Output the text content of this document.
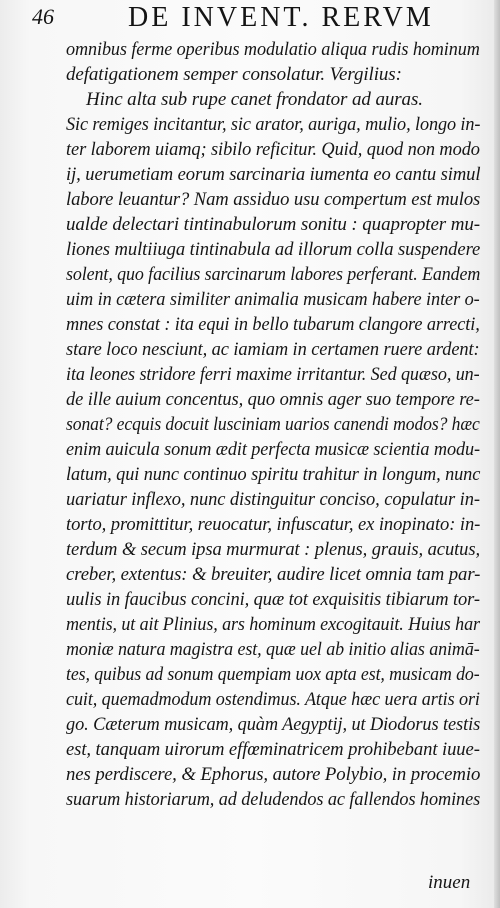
46	DE INVENT. RERVM
omnibus ferme operibus modulatio aliqua rudis hominum
defatigationem semper consolatur. Vergilius:
Hinc alta sub rupe canet frondator ad auras.
Sic remiges incitantur, sic arator, auriga, mulio, longo in-
ter laborem uiamq; sibilo reficitur. Quid, quod non modo
ij, uerumetiam eorum sarcinaria iumenta eo cantu simul
labore leuantur? Nam assiduo usu compertum est mulos
ualde delectari tintinabulorum sonitu : quapropter mu-
liones multiiuga tintinabula ad illorum colla suspendere
solent, quo facilius sarcinarum labores perferant. Eandem
uim in cætera similiter animalia musicam habere inter o-
mnes constat : ita equi in bello tubarum clangore arrecti,
stare loco nesciunt, ac iamiam in certamen ruere ardent:
ita leones stridore ferri maxime irritantur. Sed quæso, un-
de ille auium concentus, quo omnis ager suo tempore re-
sonat? ecquis docuit lusciniam uarios canendi modos? hæc
enim auicula sonum ædit perfecta musicæ scientia modu-
latum, qui nunc continuo spiritu trahitur in longum, nunc
uariatur inflexo, nunc distinguitur conciso, copulatur in-
torto, promittitur, reuocatur, infuscatur, ex inopinato: in-
terdum & secum ipsa murmurat : plenus, grauis, acutus,
creber, extentus: & breuiter, audire licet omnia tam par-
uulis in faucibus concini, quæ tot exquisitis tibiarum tor-
mentis, ut ait Plinius, ars hominum excogitauit. Huius har
moniæ natura magistra est, quæ uel ab initio alias animā-
tes, quibus ad sonum quempiam uox apta est, musicam do-
cuit, quemadmodum ostendimus. Atque hæc uera artis ori
go. Cæterum musicam, quàm Aegyptij, ut Diodorus testis
est, tanquam uirorum effœminatricem prohibebant iuue-
nes perdiscere, & Ephorus, autore Polybio, in procemio
suarum historiarum, ad deludendos ac fallendos homines
inuen
